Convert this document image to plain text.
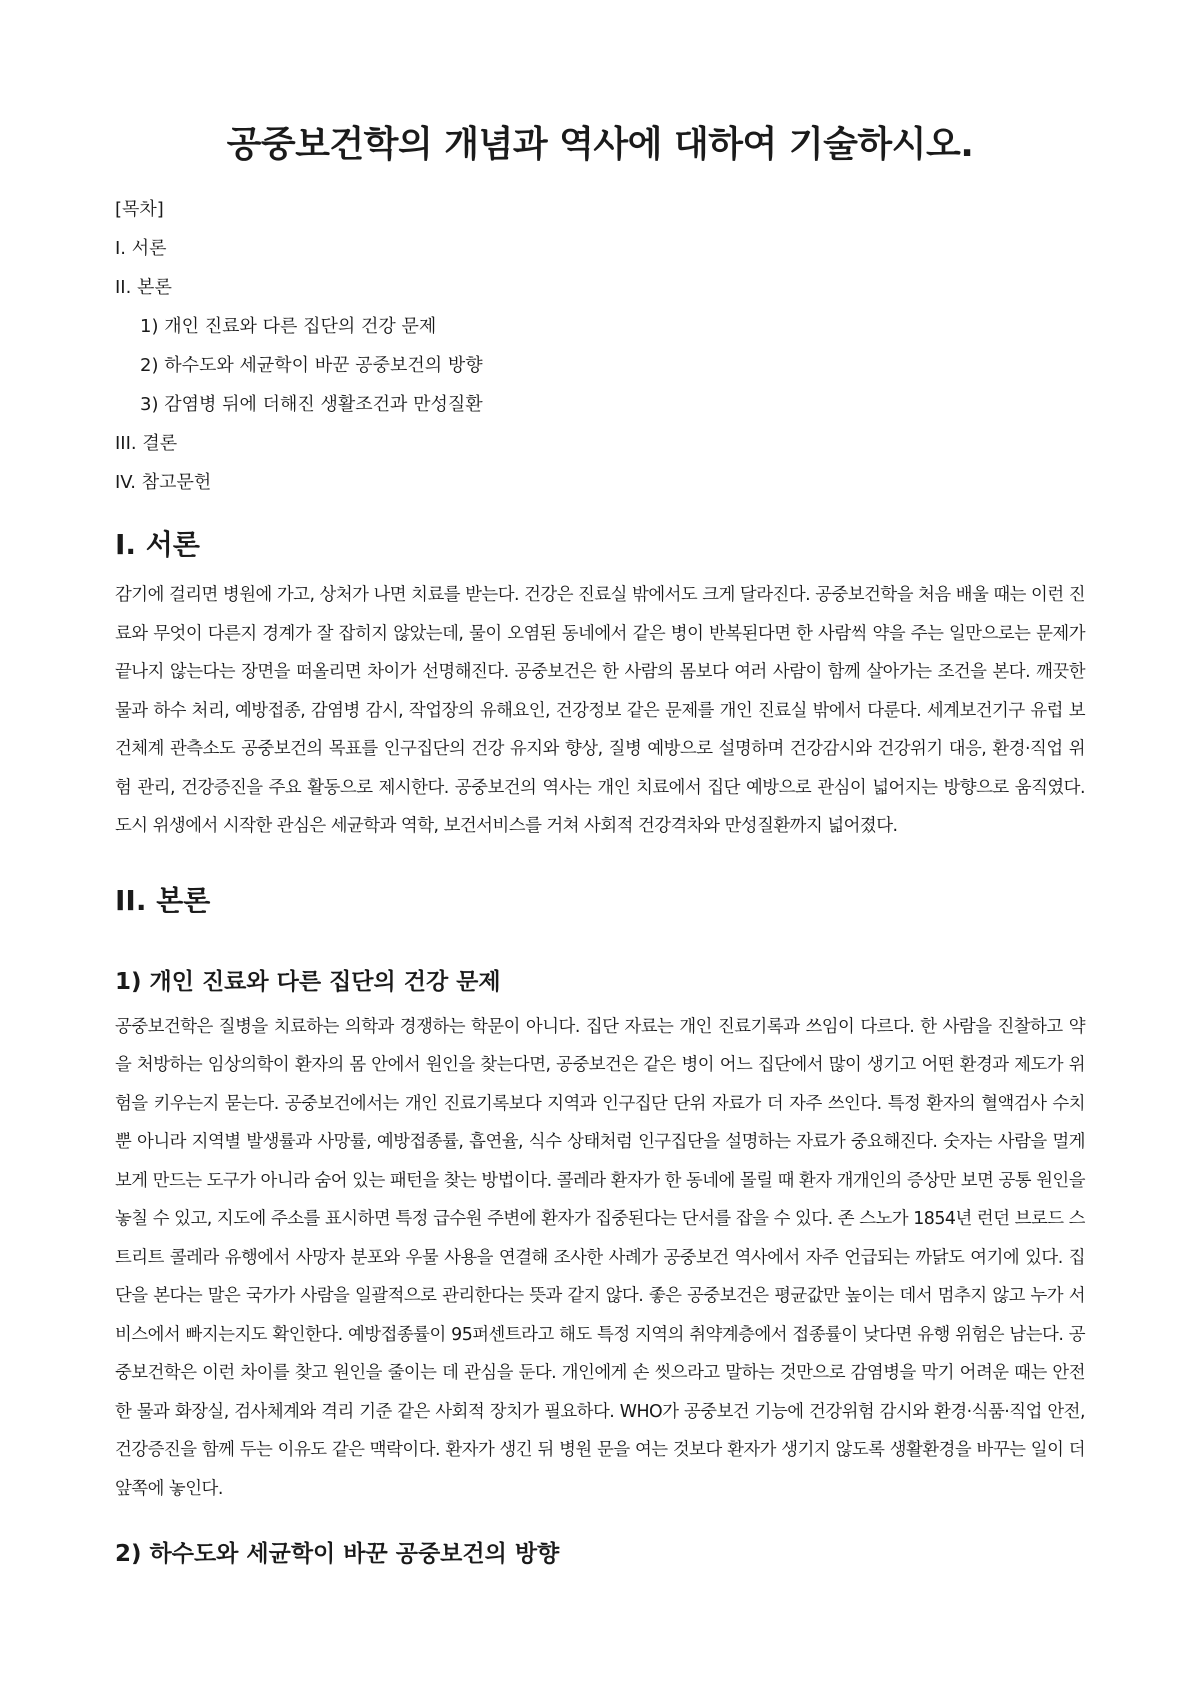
공중보건학의 개념과 역사에 대하여 기술하시오.
[목차]
I. 서론
II. 본론
1) 개인 진료와 다른 집단의 건강 문제
2) 하수도와 세균학이 바꾼 공중보건의 방향
3) 감염병 뒤에 더해진 생활조건과 만성질환
III. 결론
IV. 참고문헌
I. 서론

감기에 걸리면 병원에 가고, 상처가 나면 치료를 받는다. 건강은 진료실 밖에서도 크게 달라진다. 공중보건학을 처음 배울 때는 이런 진료와 무엇이 다른지 경계가 잘 잡히지 않았는데, 물이 오염된 동네에서 같은 병이 반복된다면 한 사람씩 약을 주는 일만으로는 문제가 끝나지 않는다는 장면을 떠올리면 차이가 선명해진다. 공중보건은 한 사람의 몸보다 여러 사람이 함께 살아가는 조건을 본다. 깨끗한 물과 하수 처리, 예방접종, 감염병 감시, 작업장의 유해요인, 건강정보 같은 문제를 개인 진료실 밖에서 다룬다. 세계보건기구 유럽 보건체계 관측소도 공중보건의 목표를 인구집단의 건강 유지와 향상, 질병 예방으로 설명하며 건강감시와 건강위기 대응, 환경·직업 위험 관리, 건강증진을 주요 활동으로 제시한다. 공중보건의 역사는 개인 치료에서 집단 예방으로 관심이 넓어지는 방향으로 움직였다. 도시 위생에서 시작한 관심은 세균학과 역학, 보건서비스를 거쳐 사회적 건강격차와 만성질환까지 넓어졌다.

II. 본론
1) 개인 진료와 다른 집단의 건강 문제

공중보건학은 질병을 치료하는 의학과 경쟁하는 학문이 아니다. 집단 자료는 개인 진료기록과 쓰임이 다르다. 한 사람을 진찰하고 약을 처방하는 임상의학이 환자의 몸 안에서 원인을 찾는다면, 공중보건은 같은 병이 어느 집단에서 많이 생기고 어떤 환경과 제도가 위험을 키우는지 묻는다. 공중보건에서는 개인 진료기록보다 지역과 인구집단 단위 자료가 더 자주 쓰인다. 특정 환자의 혈액검사 수치뿐 아니라 지역별 발생률과 사망률, 예방접종률, 흡연율, 식수 상태처럼 인구집단을 설명하는 자료가 중요해진다. 숫자는 사람을 멀게 보게 만드는 도구가 아니라 숨어 있는 패턴을 찾는 방법이다. 콜레라 환자가 한 동네에 몰릴 때 환자 개개인의 증상만 보면 공통 원인을 놓칠 수 있고, 지도에 주소를 표시하면 특정 급수원 주변에 환자가 집중된다는 단서를 잡을 수 있다. 존 스노가 1854년 런던 브로드 스트리트 콜레라 유행에서 사망자 분포와 우물 사용을 연결해 조사한 사례가 공중보건 역사에서 자주 언급되는 까닭도 여기에 있다. 집단을 본다는 말은 국가가 사람을 일괄적으로 관리한다는 뜻과 같지 않다. 좋은 공중보건은 평균값만 높이는 데서 멈추지 않고 누가 서비스에서 빠지는지도 확인한다. 예방접종률이 95퍼센트라고 해도 특정 지역의 취약계층에서 접종률이 낮다면 유행 위험은 남는다. 공중보건학은 이런 차이를 찾고 원인을 줄이는 데 관심을 둔다. 개인에게 손 씻으라고 말하는 것만으로 감염병을 막기 어려운 때는 안전한 물과 화장실, 검사체계와 격리 기준 같은 사회적 장치가 필요하다. WHO가 공중보건 기능에 건강위험 감시와 환경·식품·직업 안전, 건강증진을 함께 두는 이유도 같은 맥락이다. 환자가 생긴 뒤 병원 문을 여는 것보다 환자가 생기지 않도록 생활환경을 바꾸는 일이 더 앞쪽에 놓인다.

2) 하수도와 세균학이 바꾼 공중보건의 방향
